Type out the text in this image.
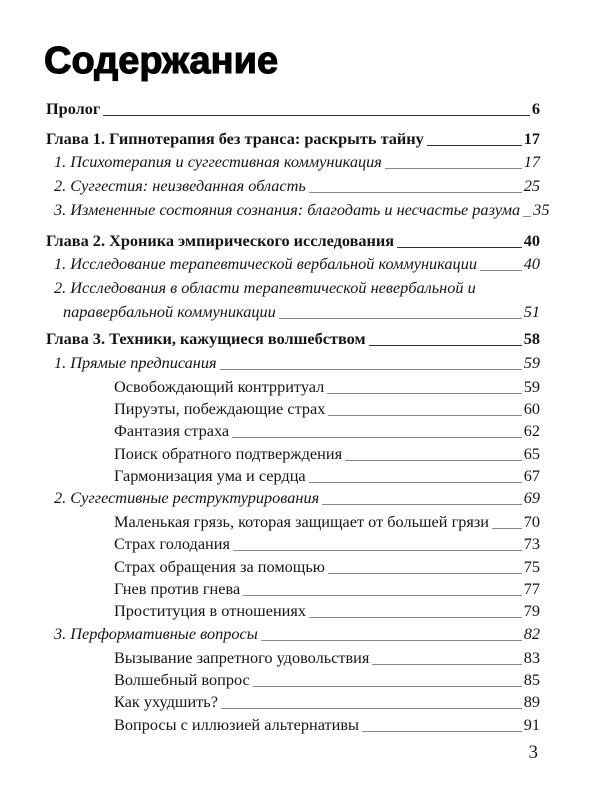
Содержание
Пролог	6
Глава 1. Гипнотерапия без транса: раскрыть тайну	17
1. Психотерапия и суггестивная коммуникация	17
2. Суггестия: неизведанная область	25
3. Измененные состояния сознания: благодать и несчастье разума 35
Глава 2. Хроника эмпирического исследования	40
1. Исследование терапевтической вербальной коммуникации	40
2. Исследования в области терапевтической невербальной и
паравербальной коммуникации	51
Глава 3. Техники, кажущиеся волшебством	58
1. Прямые предписания	59
Освобождающий контрритуал	59
Пируэты, побеждающие страх	60
Фантазия страха	62
Поиск обратного подтверждения	65
Гармонизация ума и сердца	67
2. Суггестивные реструктурирования	69
Маленькая грязь, которая защищает от большей грязи 70
Страх голодания	73
Страх обращения за помощью	75
Гнев против гнева	77
Проституция в отношениях	79
3. Перформативные вопросы	82
Вызывание запретного удовольствия	83
Волшебный вопрос	85
Как ухудшить?	89
Вопросы с иллюзией альтернативы	91
3
